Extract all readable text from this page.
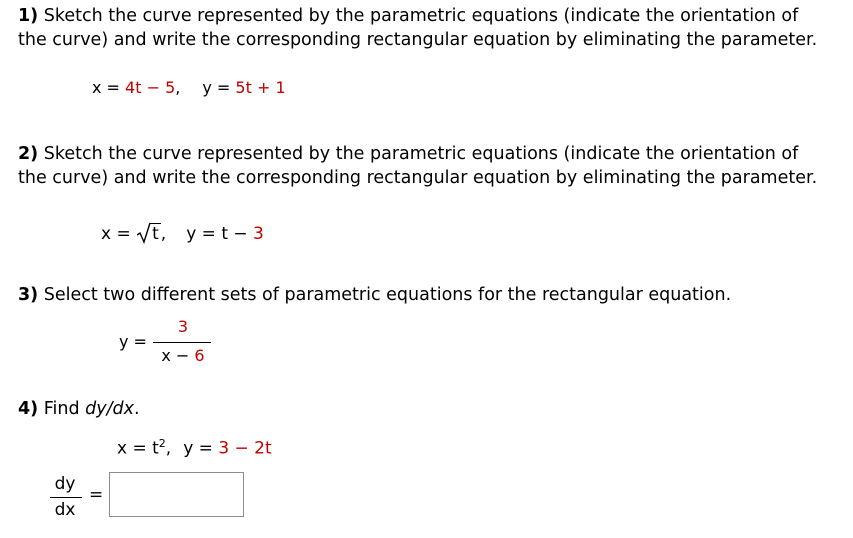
1) Sketch the curve represented by the parametric equations (indicate the orientation of
the curve) and write the corresponding rectangular equation by eliminating the parameter.
x = 4t − 5, y = 5t + 1
2) Sketch the curve represented by the parametric equations (indicate the orientation of
the curve) and write the corresponding rectangular equation by eliminating the parameter.
x =
t , y = t − 3
3) Select two different sets of parametric equations for the rectangular equation.
y =
3
x − 6
4) Find dy/dx.
$x = t^2$, y = 3 − 2t
dy
dx
=
